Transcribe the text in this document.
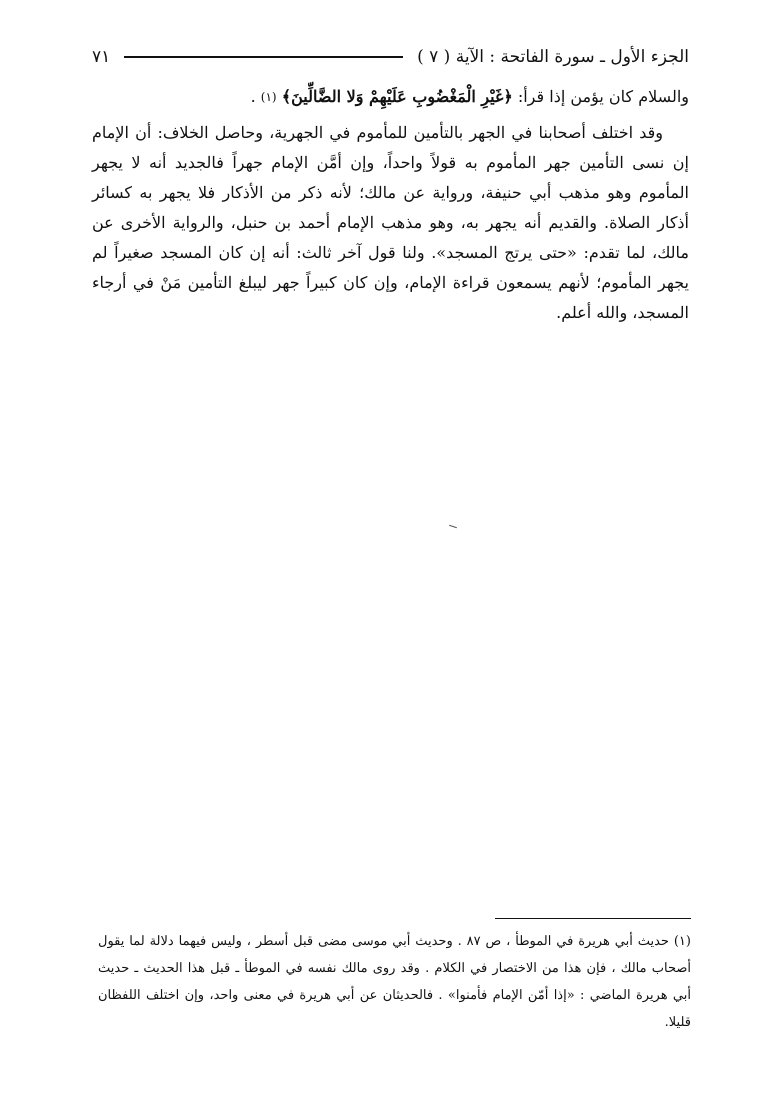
الجزء الأول ـ سورة الفاتحة : الآية ( ٧ )
٧١

والسلام كان يؤمن إذا قرأ: ﴿غَيْرِ الْمَغْضُوبِ عَلَيْهِمْ وَلا الضَّالِّينَ﴾ $^{(١)}$ .

وقد اختلف أصحابنا في الجهر بالتأمين للمأموم في الجهرية، وحاصل الخلاف: أن الإمام إن نسى التأمين جهر المأموم به قولاً واحداً، وإن أمَّن الإمام جهراً فالجديد أنه لا يجهر المأموم وهو مذهب أبي حنيفة، ورواية عن مالك؛ لأنه ذكر من الأذكار فلا يجهر به كسائر أذكار الصلاة. والقديم أنه يجهر به، وهو مذهب الإمام أحمد بن حنبل، والرواية الأخرى عن مالك، لما تقدم: «حتى يرتج المسجد». ولنا قول آخر ثالث: أنه إن كان المسجد صغيراً لم يجهر المأموم؛ لأنهم يسمعون قراءة الإمام، وإن كان كبيراً جهر ليبلغ التأمين مَنْ في أرجاء المسجد، والله أعلم.

(١) حديث أبي هريرة في الموطأ ، ص ٨٧ . وحديث أبي موسى مضى قبل أسطر ، وليس فيهما دلالة لما يقول أصحاب مالك ، فإن هذا من الاختصار في الكلام . وقد روى مالك نفسه في الموطأ ـ قبل هذا الحديث ـ حديث أبي هريرة الماضي : «إذا أمّن الإمام فأمنوا» . فالحديثان عن أبي هريرة في معنى واحد، وإن اختلف اللفظان قليلا.
